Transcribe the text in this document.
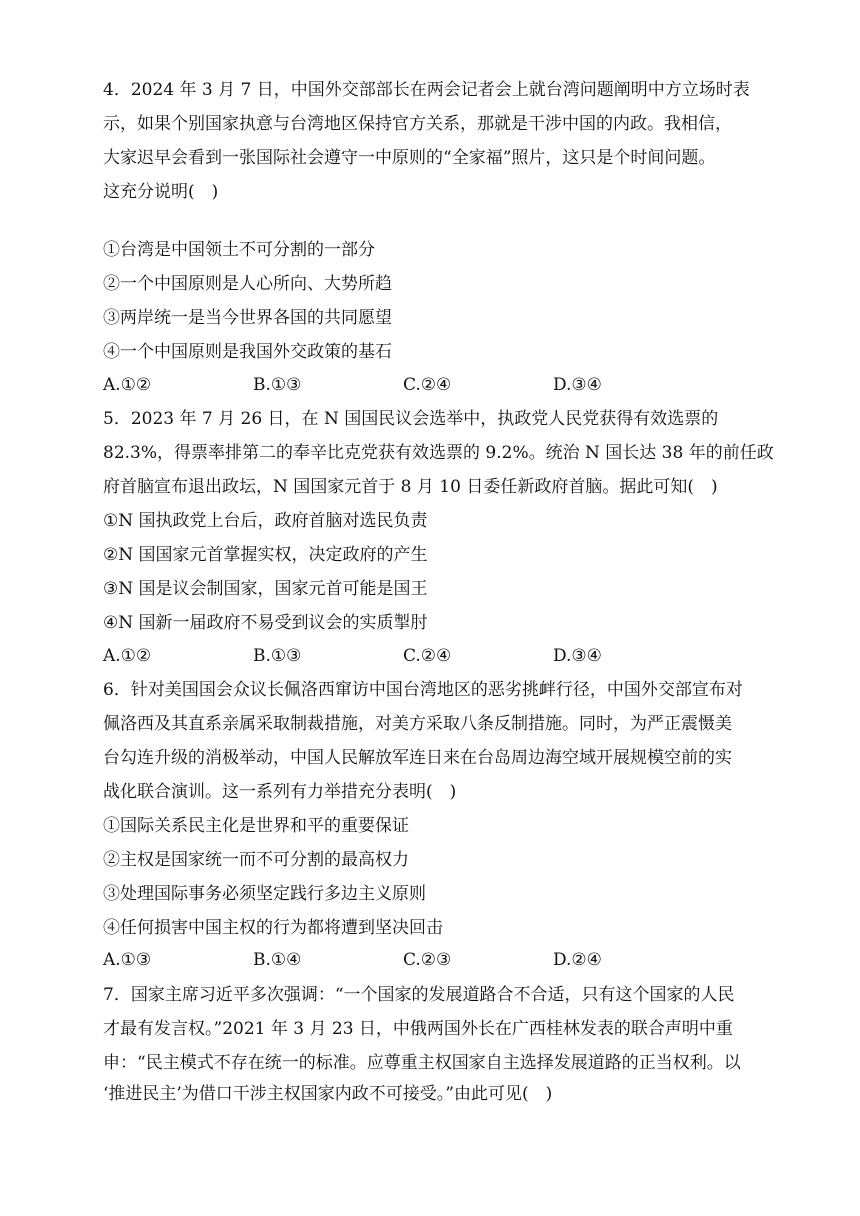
4．2024 年 3 月 7 日，中国外交部部长在两会记者会上就台湾问题阐明中方立场时表
示，如果个别国家执意与台湾地区保持官方关系，那就是干涉中国的内政。我相信，
大家迟早会看到一张国际社会遵守一中原则的“全家福”照片，这只是个时间问题。
这充分说明(　)
①台湾是中国领土不可分割的一部分
②一个中国原则是人心所向、大势所趋
③两岸统一是当今世界各国的共同愿望
④一个中国原则是我国外交政策的基石
A.①②	B.①③	C.②④	D.③④
5．2023 年 7 月 26 日，在 N 国国民议会选举中，执政党人民党获得有效选票的
82.3%，得票率排第二的奉辛比克党获有效选票的 9.2%。统治 N 国长达 38 年的前任政
府首脑宣布退出政坛，N 国国家元首于 8 月 10 日委任新政府首脑。据此可知(　)
①N 国执政党上台后，政府首脑对选民负责
②N 国国家元首掌握实权，决定政府的产生
③N 国是议会制国家，国家元首可能是国王
④N 国新一届政府不易受到议会的实质掣肘
A.①②	B.①③	C.②④	D.③④
6．针对美国国会众议长佩洛西窜访中国台湾地区的恶劣挑衅行径，中国外交部宣布对
佩洛西及其直系亲属采取制裁措施，对美方采取八条反制措施。同时，为严正震慑美
台勾连升级的消极举动，中国人民解放军连日来在台岛周边海空域开展规模空前的实
战化联合演训。这一系列有力举措充分表明(　)
①国际关系民主化是世界和平的重要保证
②主权是国家统一而不可分割的最高权力
③处理国际事务必须坚定践行多边主义原则
④任何损害中国主权的行为都将遭到坚决回击
A.①③	B.①④	C.②③	D.②④
7．国家主席习近平多次强调：“一个国家的发展道路合不合适，只有这个国家的人民
才最有发言权。”2021 年 3 月 23 日，中俄两国外长在广西桂林发表的联合声明中重
申：“民主模式不存在统一的标准。应尊重主权国家自主选择发展道路的正当权利。以
‘推进民主’为借口干涉主权国家内政不可接受。”由此可见(　)
